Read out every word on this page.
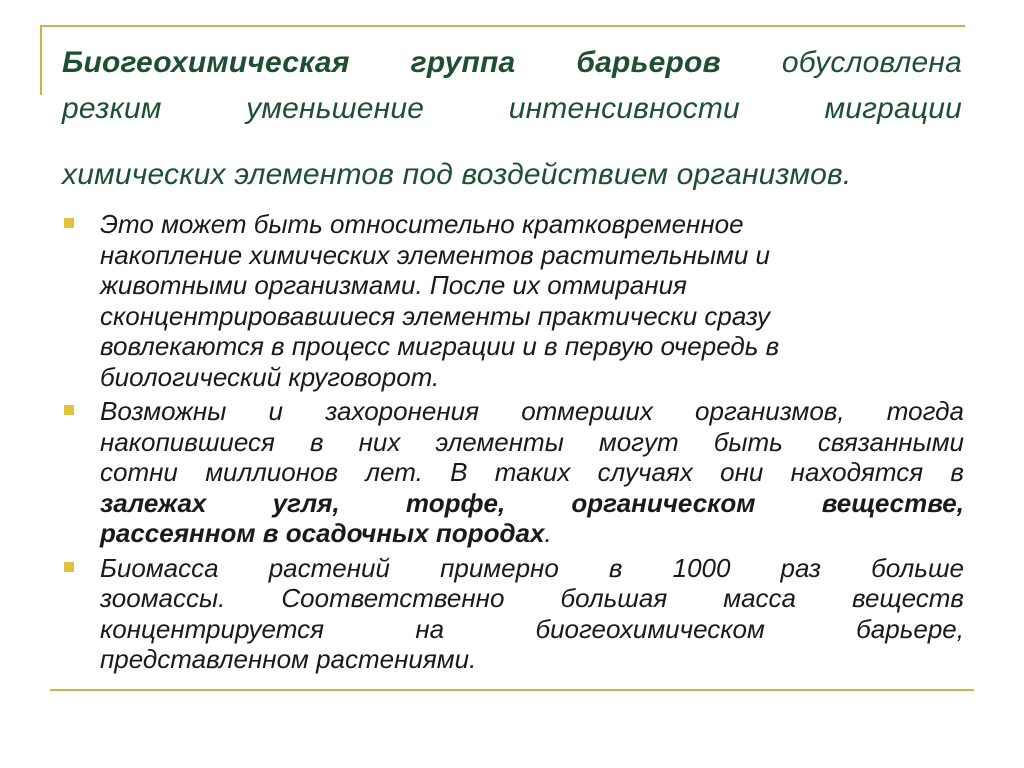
Биогеохимическая группа барьеров обусловлена
резким уменьшение интенсивности миграции
химических элементов под воздействием организмов.
Это может быть относительно кратковременное
накопление химических элементов растительными и
животными организмами. После их отмирания
сконцентрировавшиеся элементы практически сразу
вовлекаются в процесс миграции и в первую очередь в
биологический круговорот.
Возможны и захоронения отмерших организмов, тогда
накопившиеся в них элементы могут быть связанными
сотни миллионов лет. В таких случаях они находятся в
залежах угля, торфе, органическом веществе,
рассеянном в осадочных породах.
Биомасса растений примерно в 1000 раз больше
зоомассы. Соответственно большая масса веществ
концентрируется на биогеохимическом барьере,
представленном растениями.
